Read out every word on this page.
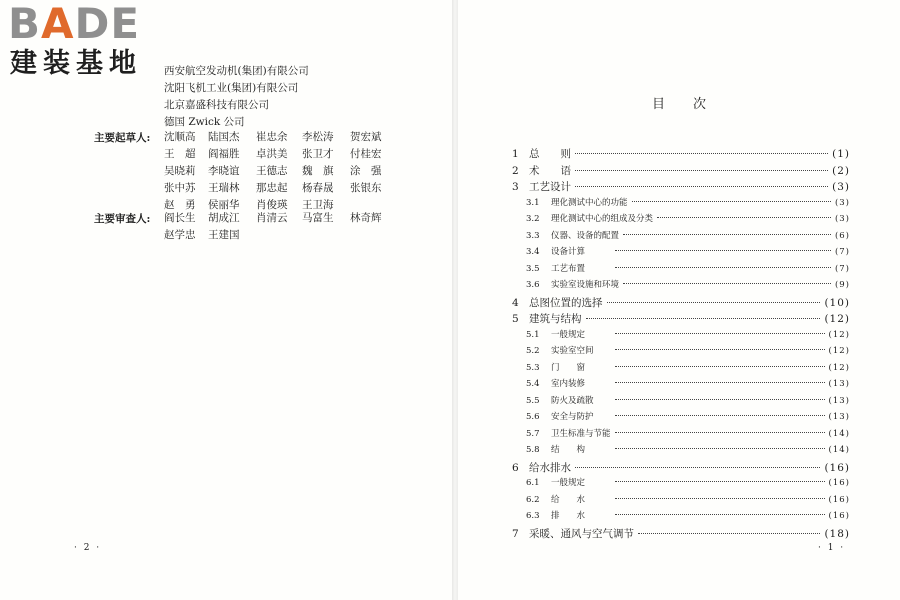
BADE
建装基地 西安航空发动机(集团)有限公司
沈阳飞机工业(集团)有限公司
北京嘉盛科技有限公司
德国 Zwick 公司
主要起草人: 沈顺高	陆国杰	崔忠余	李松涛	贺宏斌
王　超	阎福胜	卓洪美	张卫才	付桂宏
吴晓莉	李晓谊	王德志	魏　旗	涂　强
张中苏	王瑞林	那忠起	杨春晟	张银东
赵　勇	侯丽华	肖俊瑛	王卫海
主要审查人: 阎长生	胡成江	肖清云	马富生	林奇辉
赵学忠	王建国
· 2 ·
目次
1 总　　则	(1)
2 术　　语	(2)
3 工艺设计	(3)
3.1	理化测试中心的功能	(3)
3.2	理化测试中心的组成及分类	(3)
3.3	仪器、设备的配置	(6)
3.4	设备计算	(7)
3.5	工艺布置	(7)
3.6	实验室设施和环境	(9)
4 总图位置的选择	(10)
5 建筑与结构	(12)
5.1	一般规定	(12)
5.2	实验室空间	(12)
5.3	门　　窗	(12)
5.4	室内装修	(13)
5.5	防火及疏散	(13)
5.6	安全与防护	(13)
5.7	卫生标准与节能	(14)
5.8	结　　构	(14)
6 给水排水	(16)
6.1	一般规定	(16)
6.2	给　　水	(16)
6.3	排　　水	(16)
7 采暖、通风与空气调节	(18)
· 1 ·
